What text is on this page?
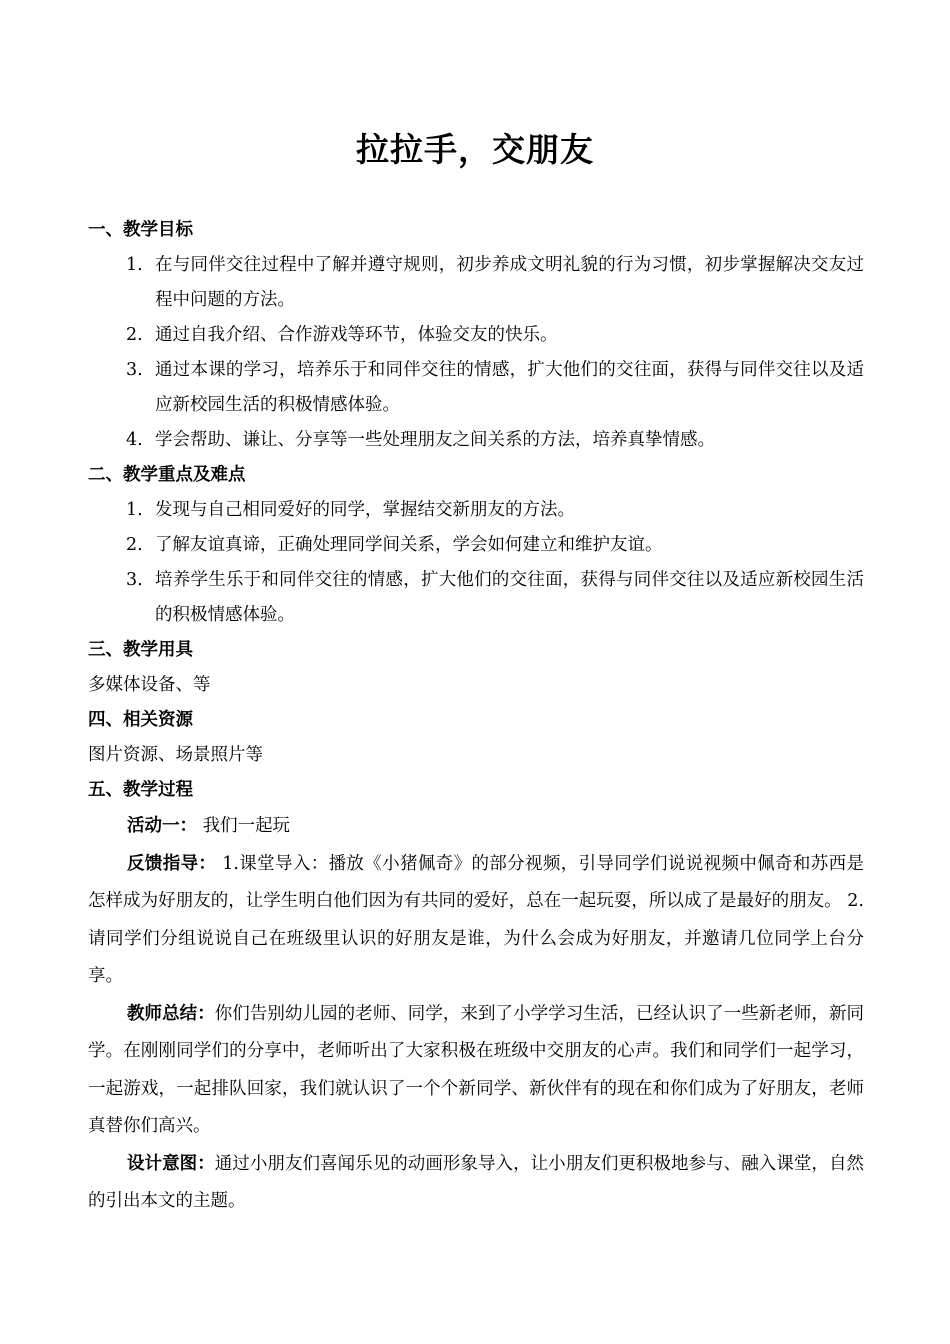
拉拉手，交朋友
一、教学目标
1. 在与同伴交往过程中了解并遵守规则，初步养成文明礼貌的行为习惯，初步掌握解决交友过程中问题的方法。
2. 通过自我介绍、合作游戏等环节，体验交友的快乐。
3. 通过本课的学习，培养乐于和同伴交往的情感，扩大他们的交往面，获得与同伴交往以及适应新校园生活的积极情感体验。
4. 学会帮助、谦让、分享等一些处理朋友之间关系的方法，培养真挚情感。
二、教学重点及难点
1. 发现与自己相同爱好的同学，掌握结交新朋友的方法。
2. 了解友谊真谛，正确处理同学间关系，学会如何建立和维护友谊。
3. 培养学生乐于和同伴交往的情感，扩大他们的交往面，获得与同伴交往以及适应新校园生活的积极情感体验。
三、教学用具
多媒体设备、等
四、相关资源
图片资源、场景照片等
五、教学过程
活动一： 我们一起玩
反馈指导： 1.课堂导入：播放《小猪佩奇》的部分视频，引导同学们说说视频中佩奇和苏西是怎样成为好朋友的，让学生明白他们因为有共同的爱好，总在一起玩耍，所以成了是最好的朋友。 2.请同学们分组说说自己在班级里认识的好朋友是谁，为什么会成为好朋友，并邀请几位同学上台分享。
教师总结：你们告别幼儿园的老师、同学，来到了小学学习生活，已经认识了一些新老师，新同学。在刚刚同学们的分享中，老师听出了大家积极在班级中交朋友的心声。我们和同学们一起学习，一起游戏，一起排队回家，我们就认识了一个个新同学、新伙伴有的现在和你们成为了好朋友，老师真替你们高兴。
设计意图：通过小朋友们喜闻乐见的动画形象导入，让小朋友们更积极地参与、融入课堂，自然的引出本文的主题。
